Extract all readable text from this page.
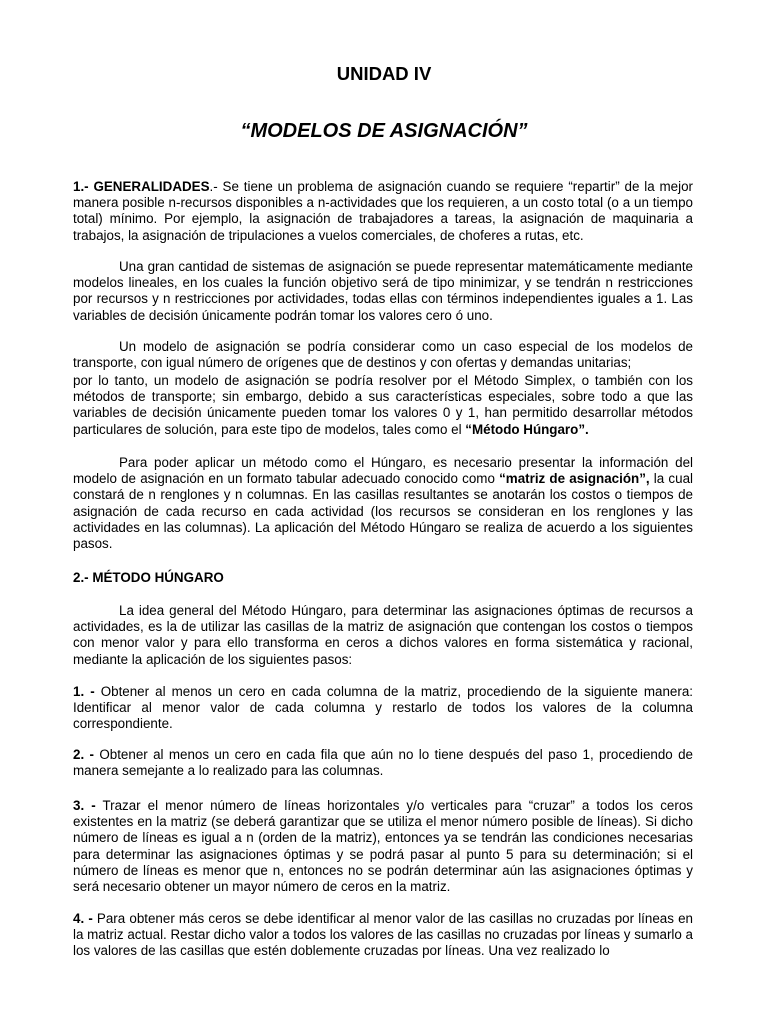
UNIDAD IV
“MODELOS DE ASIGNACIÓN”

1.- GENERALIDADES.- Se tiene un problema de asignación cuando se requiere “repartir” de la mejor manera posible n-recursos disponibles a n-actividades que los requieren, a un costo total (o a un tiempo total) mínimo. Por ejemplo, la asignación de trabajadores a tareas, la asignación de maquinaria a trabajos, la asignación de tripulaciones a vuelos comerciales, de choferes a rutas, etc.

Una gran cantidad de sistemas de asignación se puede representar matemáticamente mediante modelos lineales, en los cuales la función objetivo será de tipo minimizar, y se tendrán n restricciones por recursos y n restricciones por actividades, todas ellas con términos independientes iguales a 1. Las variables de decisión únicamente podrán tomar los valores cero ó uno.

Un modelo de asignación se podría considerar como un caso especial de los modelos de transporte, con igual número de orígenes que de destinos y con ofertas y demandas unitarias;

por lo tanto, un modelo de asignación se podría resolver por el Método Simplex, o también con los métodos de transporte; sin embargo, debido a sus características especiales, sobre todo a que las variables de decisión únicamente pueden tomar los valores 0 y 1, han permitido desarrollar métodos particulares de solución, para este tipo de modelos, tales como el “Método Húngaro”.

Para poder aplicar un método como el Húngaro, es necesario presentar la información del modelo de asignación en un formato tabular adecuado conocido como “matriz de asignación”, la cual constará de n renglones y n columnas. En las casillas resultantes se anotarán los costos o tiempos de asignación de cada recurso en cada actividad (los recursos se consideran en los renglones y las actividades en las columnas). La aplicación del Método Húngaro se realiza de acuerdo a los siguientes pasos.

2.- MÉTODO HÚNGARO

La idea general del Método Húngaro, para determinar las asignaciones óptimas de recursos a actividades, es la de utilizar las casillas de la matriz de asignación que contengan los costos o tiempos con menor valor y para ello transforma en ceros a dichos valores en forma sistemática y racional, mediante la aplicación de los siguientes pasos:

1. - Obtener al menos un cero en cada columna de la matriz, procediendo de la siguiente manera: Identificar al menor valor de cada columna y restarlo de todos los valores de la columna correspondiente.

2. - Obtener al menos un cero en cada fila que aún no lo tiene después del paso 1, procediendo de manera semejante a lo realizado para las columnas.

3. - Trazar el menor número de líneas horizontales y/o verticales para “cruzar” a todos los ceros existentes en la matriz (se deberá garantizar que se utiliza el menor número posible de líneas). Si dicho número de líneas es igual a n (orden de la matriz), entonces ya se tendrán las condiciones necesarias para determinar las asignaciones óptimas y se podrá pasar al punto 5 para su determinación; si el número de líneas es menor que n, entonces no se podrán determinar aún las asignaciones óptimas y será necesario obtener un mayor número de ceros en la matriz.

4. - Para obtener más ceros se debe identificar al menor valor de las casillas no cruzadas por líneas en la matriz actual. Restar dicho valor a todos los valores de las casillas no cruzadas por líneas y sumarlo a los valores de las casillas que estén doblemente cruzadas por líneas. Una vez realizado lo
